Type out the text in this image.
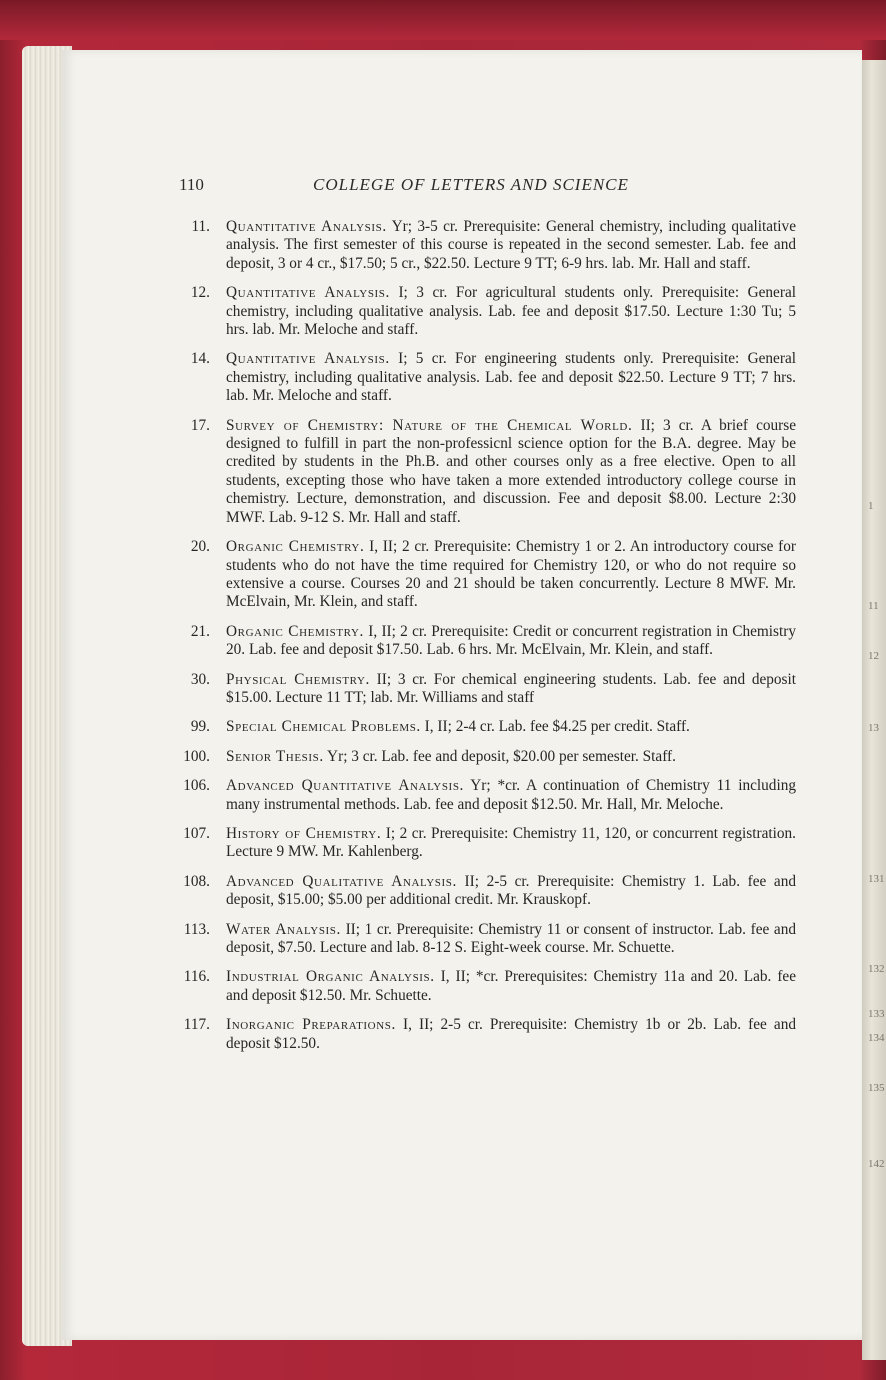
1
11
12
13
131
132
133
134
135
142
110	COLLEGE OF LETTERS AND SCIENCE
11. Quantitative Analysis. Yr; 3-5 cr. Prerequisite: General chemistry, including qualitative analysis. The first semester of this course is repeated in the second semester. Lab. fee and deposit, 3 or 4 cr., $17.50; 5 cr., $22.50. Lecture 9 TT; 6-9 hrs. lab. Mr. Hall and staff.
12. Quantitative Analysis. I; 3 cr. For agricultural students only. Prerequisite: General chemistry, including qualitative analysis. Lab. fee and deposit $17.50. Lecture 1:30 Tu; 5 hrs. lab. Mr. Meloche and staff.
14. Quantitative Analysis. I; 5 cr. For engineering students only. Prerequisite: General chemistry, including qualitative analysis. Lab. fee and deposit $22.50. Lecture 9 TT; 7 hrs. lab. Mr. Meloche and staff.
17. Survey of Chemistry: Nature of the Chemical World. II; 3 cr. A brief course designed to fulfill in part the non-professicnl science option for the B.A. degree. May be credited by students in the Ph.B. and other courses only as a free elective. Open to all students, excepting those who have taken a more extended introductory college course in chemistry. Lecture, demonstration, and discussion. Fee and deposit $8.00. Lecture 2:30 MWF. Lab. 9-12 S. Mr. Hall and staff.
20. Organic Chemistry. I, II; 2 cr. Prerequisite: Chemistry 1 or 2. An introductory course for students who do not have the time required for Chemistry 120, or who do not require so extensive a course. Courses 20 and 21 should be taken concurrently. Lecture 8 MWF. Mr. McElvain, Mr. Klein, and staff.
21. Organic Chemistry. I, II; 2 cr. Prerequisite: Credit or concurrent registration in Chemistry 20. Lab. fee and deposit $17.50. Lab. 6 hrs. Mr. McElvain, Mr. Klein, and staff.
30. Physical Chemistry. II; 3 cr. For chemical engineering students. Lab. fee and deposit $15.00. Lecture 11 TT; lab. Mr. Williams and staff
99. Special Chemical Problems. I, II; 2-4 cr. Lab. fee $4.25 per credit. Staff.
100. Senior Thesis. Yr; 3 cr. Lab. fee and deposit, $20.00 per semester. Staff.
106. Advanced Quantitative Analysis. Yr; *cr. A continuation of Chemistry 11 including many instrumental methods. Lab. fee and deposit $12.50. Mr. Hall, Mr. Meloche.
107. History of Chemistry. I; 2 cr. Prerequisite: Chemistry 11, 120, or concurrent registration. Lecture 9 MW. Mr. Kahlenberg.
108. Advanced Qualitative Analysis. II; 2-5 cr. Prerequisite: Chemistry 1. Lab. fee and deposit, $15.00; $5.00 per additional credit. Mr. Krauskopf.
113. Water Analysis. II; 1 cr. Prerequisite: Chemistry 11 or consent of instructor. Lab. fee and deposit, $7.50. Lecture and lab. 8-12 S. Eight-week course. Mr. Schuette.
116. Industrial Organic Analysis. I, II; *cr. Prerequisites: Chemistry 11a and 20. Lab. fee and deposit $12.50. Mr. Schuette.
117. Inorganic Preparations. I, II; 2-5 cr. Prerequisite: Chemistry 1b or 2b. Lab. fee and deposit $12.50.
